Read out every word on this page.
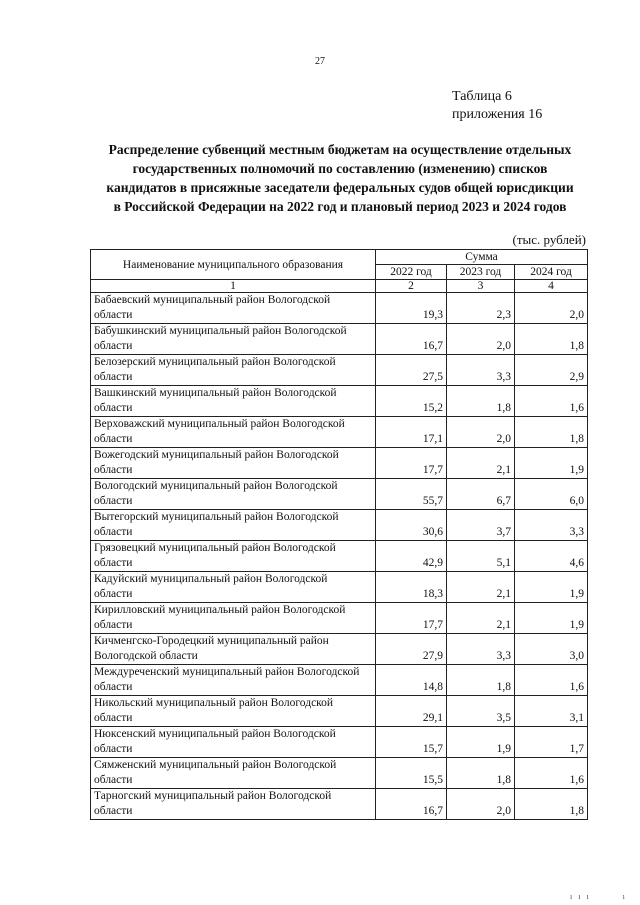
27
Таблица 6
приложения 16
Распределение субвенций местным бюджетам на осуществление отдельных
государственных полномочий по составлению (изменению) списков
кандидатов в присяжные заседатели федеральных судов общей юрисдикции
в Российской Федерации на 2022 год и плановый период 2023 и 2024 годов
(тыс. рублей)
Наименование муниципального образования	Сумма		
	2022 год	2023 год	2024 год
1	2	3	4

Бабаевский муниципальный район Вологодской
области	19,3	2,3	2,0

Бабушкинский муниципальный район Вологодской
области	16,7	2,0	1,8

Белозерский муниципальный район Вологодской
области	27,5	3,3	2,9

Вашкинский муниципальный район Вологодской
области	15,2	1,8	1,6

Верховажский муниципальный район Вологодской
области	17,1	2,0	1,8

Вожегодский муниципальный район Вологодской
области	17,7	2,1	1,9

Вологодский муниципальный район Вологодской
области	55,7	6,7	6,0

Вытегорский муниципальный район Вологодской
области	30,6	3,7	3,3

Грязовецкий муниципальный район Вологодской
области	42,9	5,1	4,6

Кадуйский муниципальный район Вологодской
области	18,3	2,1	1,9

Кирилловский муниципальный район Вологодской
области	17,7	2,1	1,9

Кичменгско-Городецкий муниципальный район
Вологодской области	27,9	3,3	3,0

Междуреченский муниципальный район Вологодской
области	14,8	1,8	1,6

Никольский муниципальный район Вологодской
области	29,1	3,5	3,1

Нюксенский муниципальный район Вологодской
области	15,7	1,9	1,7

Сямженский муниципальный район Вологодской
области	15,5	1,8	1,6

Тарногский муниципальный район Вологодской
области	16,7	2,0	1,8
ı ı ı        ı
